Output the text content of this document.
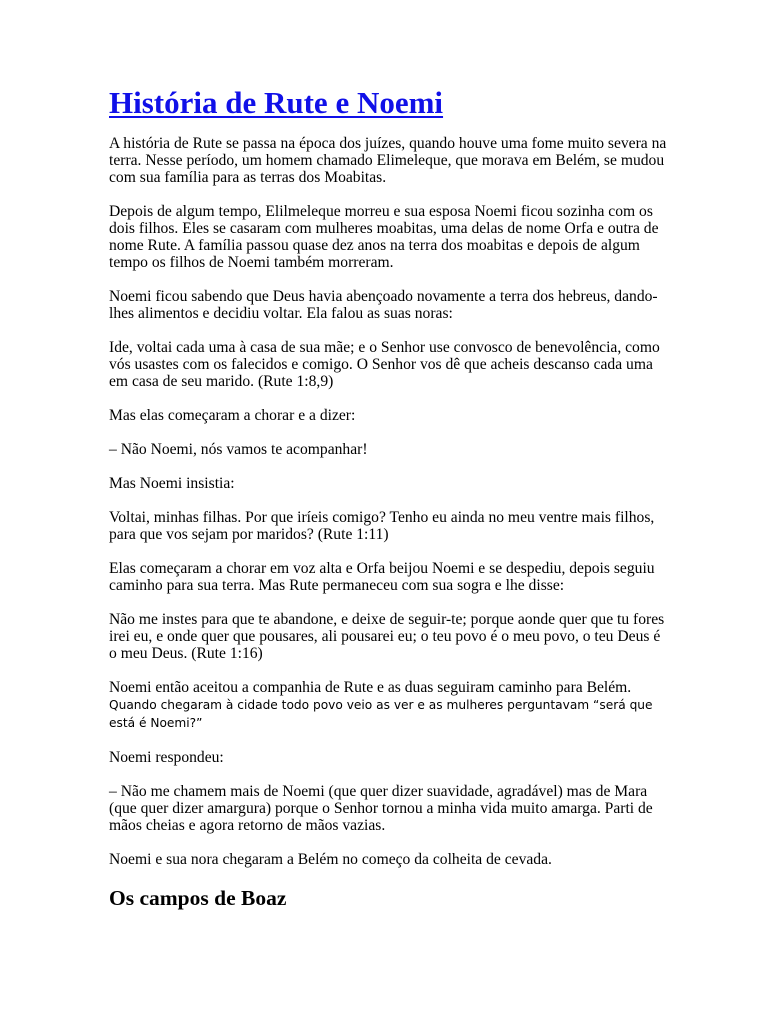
História de Rute e Noemi

A história de Rute se passa na época dos juízes, quando houve uma fome muito severa na terra. Nesse período, um homem chamado Elimeleque, que morava em Belém, se mudou com sua família para as terras dos Moabitas.

Depois de algum tempo, Elilmeleque morreu e sua esposa Noemi ficou sozinha com os dois filhos. Eles se casaram com mulheres moabitas, uma delas de nome Orfa e outra de nome Rute. A família passou quase dez anos na terra dos moabitas e depois de algum tempo os filhos de Noemi também morreram.

Noemi ficou sabendo que Deus havia abençoado novamente a terra dos hebreus, dando-lhes alimentos e decidiu voltar. Ela falou as suas noras:

Ide, voltai cada uma à casa de sua mãe; e o Senhor use convosco de benevolência, como vós usastes com os falecidos e comigo. O Senhor vos dê que acheis descanso cada uma em casa de seu marido. (Rute 1:8,9)

Mas elas começaram a chorar e a dizer:

– Não Noemi, nós vamos te acompanhar!

Mas Noemi insistia:

Voltai, minhas filhas. Por que iríeis comigo? Tenho eu ainda no meu ventre mais filhos, para que vos sejam por maridos? (Rute 1:11)

Elas começaram a chorar em voz alta e Orfa beijou Noemi e se despediu, depois seguiu caminho para sua terra. Mas Rute permaneceu com sua sogra e lhe disse:

Não me instes para que te abandone, e deixe de seguir-te; porque aonde quer que tu fores irei eu, e onde quer que pousares, ali pousarei eu; o teu povo é o meu povo, o teu Deus é o meu Deus. (Rute 1:16)

Noemi então aceitou a companhia de Rute e as duas seguiram caminho para Belém. Quando chegaram à cidade todo povo veio as ver e as mulheres perguntavam “será que está é Noemi?”

Noemi respondeu:

– Não me chamem mais de Noemi (que quer dizer suavidade, agradável) mas de Mara (que quer dizer amargura) porque o Senhor tornou a minha vida muito amarga. Parti de mãos cheias e agora retorno de mãos vazias.

Noemi e sua nora chegaram a Belém no começo da colheita de cevada.

Os campos de Boaz
